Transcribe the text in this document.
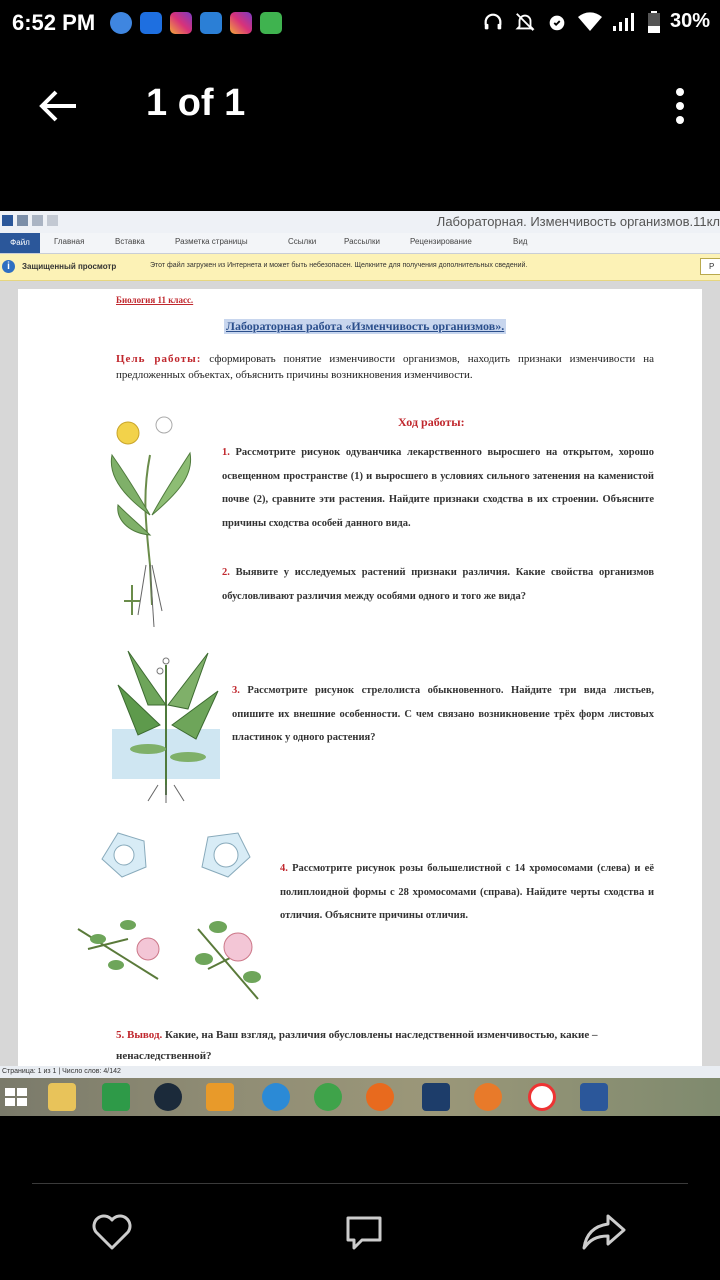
6:52 PM	30%
1 of 1
Лабораторная. Изменчивость организмов.11кл
Файл	Главная	Вставка	Разметка страницы	Ссылки	Рассылки	Рецензирование	Вид
i	Защищенный просмотр	Этот файл загружен из Интернета и может быть небезопасен. Щелкните для получения дополнительных сведений.	Р
Биология 11 класс.
Лабораторная работа «Изменчивость организмов».
Цель работы: сформировать понятие изменчивости организмов, находить признаки изменчивости на предложенных объектах, объяснить причины возникновения изменчивости.
Ход работы:
1. Рассмотрите рисунок одуванчика лекарственного выросшего на открытом, хорошо освещенном пространстве (1) и выросшего в условиях сильного затенения на каменистой почве (2), сравните эти растения. Найдите признаки сходства в их строении. Объясните причины сходства особей данного вида.
2. Выявите у исследуемых растений признаки различия. Какие свойства организмов обусловливают различия между особями одного и того же вида?
3. Рассмотрите рисунок стрелолиста обыкновенного. Найдите три вида листьев, опишите их внешние особенности. С чем связано возникновение трёх форм листовых пластинок у одного растения?
4. Рассмотрите рисунок розы большелистной с 14 хромосомами (слева) и её полиплоидной формы с 28 хромосомами (справа). Найдите черты сходства и отличия. Объясните причины отличия.
5. Вывод. Какие, на Ваш взгляд, различия обусловлены наследственной изменчивостью, какие – ненаследственной?
Страница: 1 из 1 | Число слов: 4/142
